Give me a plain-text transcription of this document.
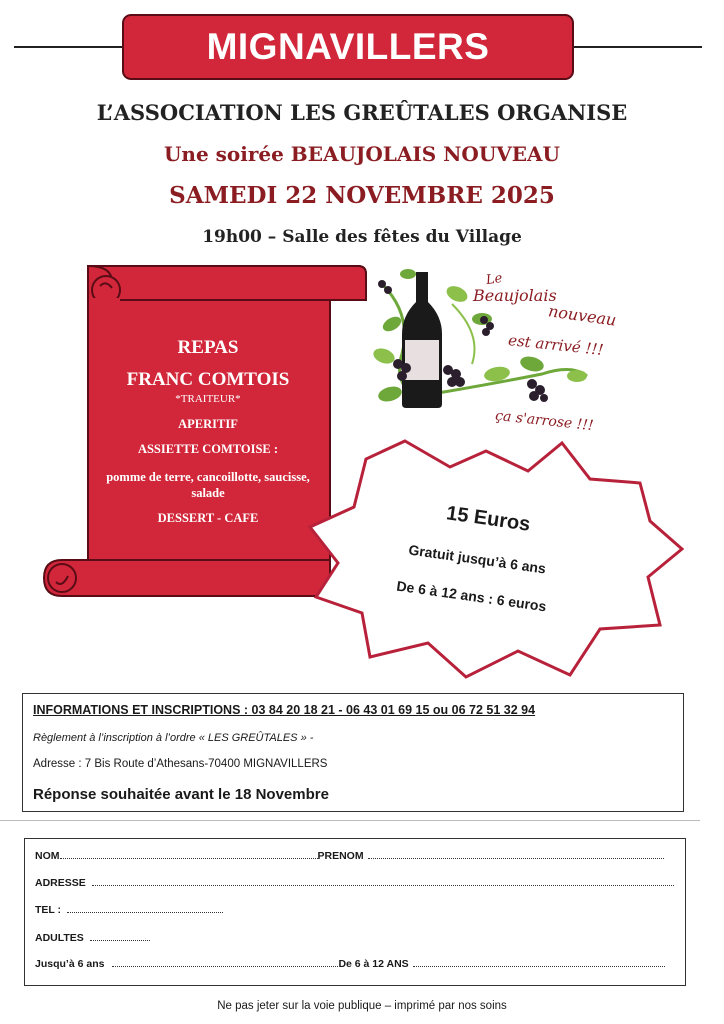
MIGNAVILLERS
L’ASSOCIATION LES GREÛTALES ORGANISE
Une soirée BEAUJOLAIS NOUVEAU
SAMEDI 22 NOVEMBRE 2025
19h00 – Salle des fêtes du Village
REPAS
FRANC COMTOIS
*TRAITEUR*
APERITIF
ASSIETTE COMTOISE :
pomme de terre, cancoillotte, saucisse, salade
DESSERT - CAFE
Le
Beaujolais
nouveau
est arrivé !!!
ça s'arrose !!!
15 Euros
Gratuit jusqu’à 6 ans
De 6 à 12 ans : 6 euros
INFORMATIONS ET INSCRIPTIONS : 03 84 20 18 21 - 06 43 01 69 15 ou 06 72 51 32 94
Règlement à l’inscription à l’ordre « LES GREÛTALES » -
Adresse : 7 Bis Route d’Athesans-70400 MIGNAVILLERS
Réponse souhaitée avant le 18 Novembre
NOM	PRENOM
ADRESSE
TEL :
ADULTES
Jusqu’à 6 ans	De 6 à 12 ANS
Ne pas jeter sur la voie publique – imprimé par nos soins
